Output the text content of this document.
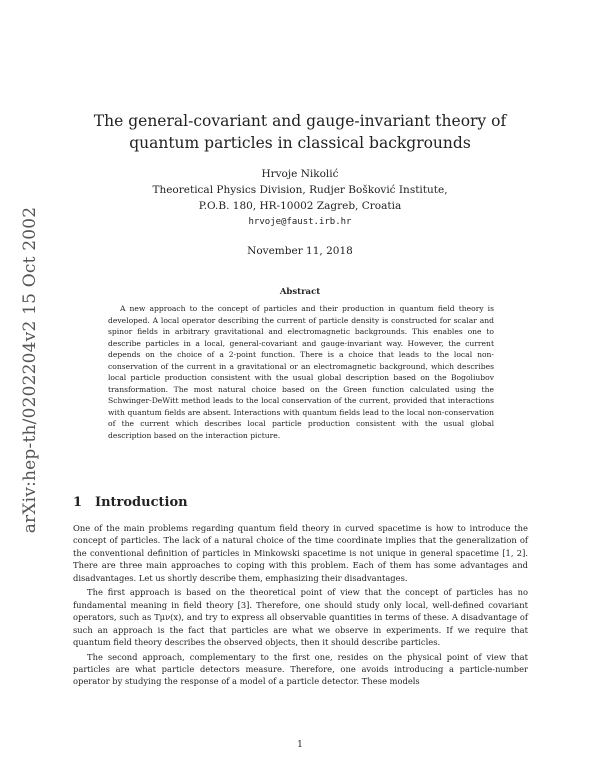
arXiv:hep-th/0202204v2 15 Oct 2002
The general-covariant and gauge-invariant theory of quantum particles in classical backgrounds
Hrvoje Nikolić
Theoretical Physics Division, Rudjer Bošković Institute,
P.O.B. 180, HR-10002 Zagreb, Croatia
hrvoje@faust.irb.hr
November 11, 2018
Abstract
A new approach to the concept of particles and their production in quantum field theory is developed. A local operator describing the current of particle density is constructed for scalar and spinor fields in arbitrary gravitational and electromagnetic backgrounds. This enables one to describe particles in a local, general-covariant and gauge-invariant way. However, the current depends on the choice of a 2-point function. There is a choice that leads to the local non-conservation of the current in a gravitational or an electromagnetic background, which describes local particle production consistent with the usual global description based on the Bogoliubov transformation. The most natural choice based on the Green function calculated using the Schwinger-DeWitt method leads to the local conservation of the current, provided that interactions with quantum fields are absent. Interactions with quantum fields lead to the local non-conservation of the current which describes local particle production consistent with the usual global description based on the interaction picture.
1 Introduction

One of the main problems regarding quantum field theory in curved spacetime is how to introduce the concept of particles. The lack of a natural choice of the time coordinate implies that the generalization of the conventional definition of particles in Minkowski spacetime is not unique in general spacetime [1, 2]. There are three main approaches to coping with this problem. Each of them has some advantages and disadvantages. Let us shortly describe them, emphasizing their disadvantages.

The first approach is based on the theoretical point of view that the concept of particles has no fundamental meaning in field theory [3]. Therefore, one should study only local, well-defined covariant operators, such as Tμν(x), and try to express all observable quantities in terms of these. A disadvantage of such an approach is the fact that particles are what we observe in experiments. If we require that quantum field theory describes the observed objects, then it should describe particles.

The second approach, complementary to the first one, resides on the physical point of view that particles are what particle detectors measure. Therefore, one avoids introducing a particle-number operator by studying the response of a model of a particle detector. These models

1
